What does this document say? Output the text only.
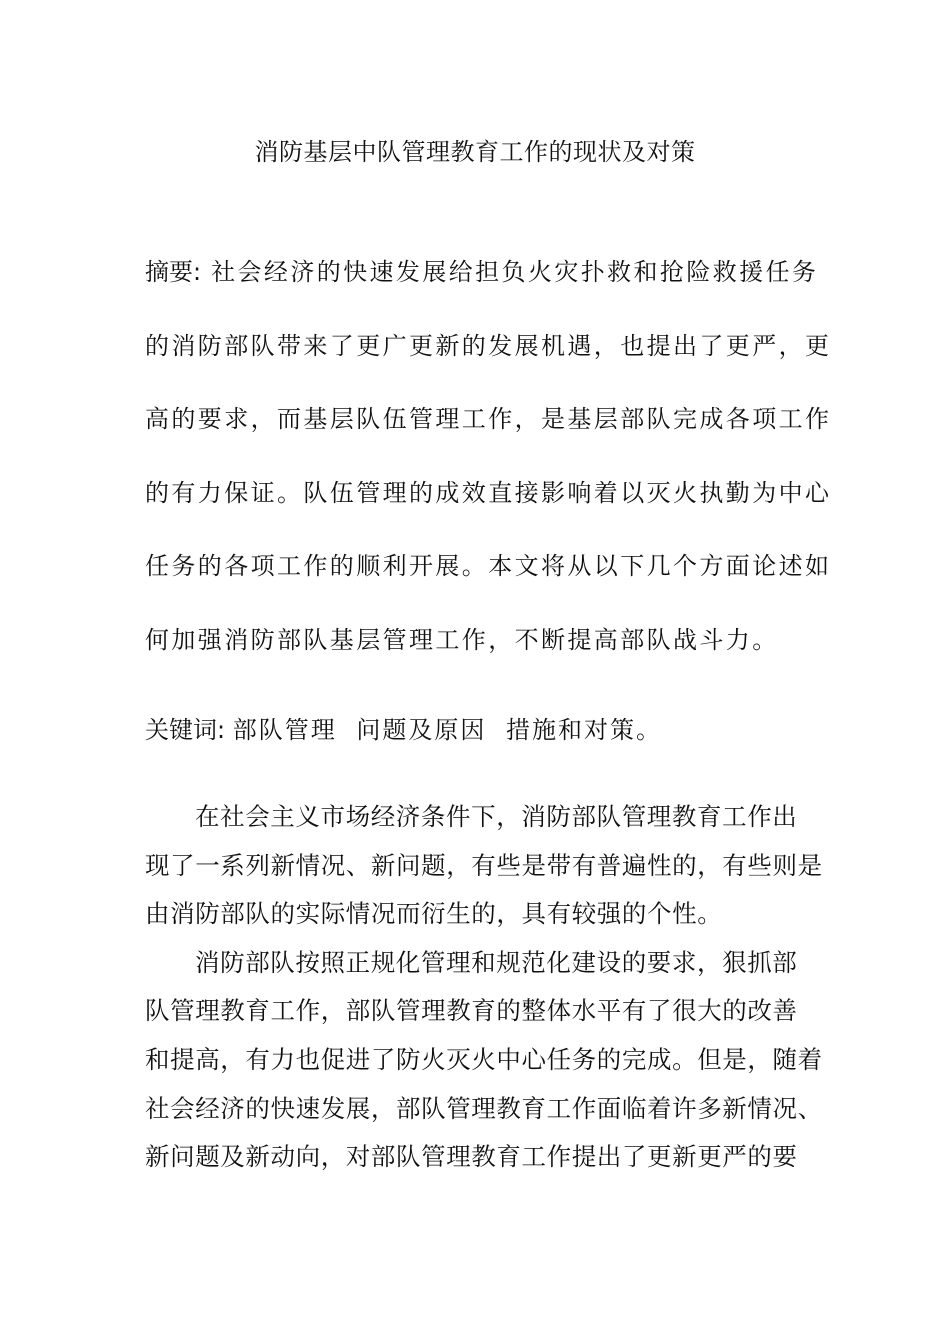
消防基层中队管理教育工作的现状及对策
摘要: 社会经济的快速发展给担负火灾扑救和抢险救援任务
的消防部队带来了更广更新的发展机遇，也提出了更严，更
高的要求，而基层队伍管理工作，是基层部队完成各项工作
的有力保证。队伍管理的成效直接影响着以灭火执勤为中心
任务的各项工作的顺利开展。本文将从以下几个方面论述如
何加强消防部队基层管理工作，不断提高部队战斗力。
关键词: 部队管理 问题及原因 措施和对策。
在社会主义市场经济条件下，消防部队管理教育工作出
现了一系列新情况、新问题，有些是带有普遍性的，有些则是
由消防部队的实际情况而衍生的，具有较强的个性。
消防部队按照正规化管理和规范化建设的要求，狠抓部
队管理教育工作，部队管理教育的整体水平有了很大的改善
和提高，有力也促进了防火灭火中心任务的完成。但是，随着
社会经济的快速发展，部队管理教育工作面临着许多新情况、
新问题及新动向，对部队管理教育工作提出了更新更严的要
